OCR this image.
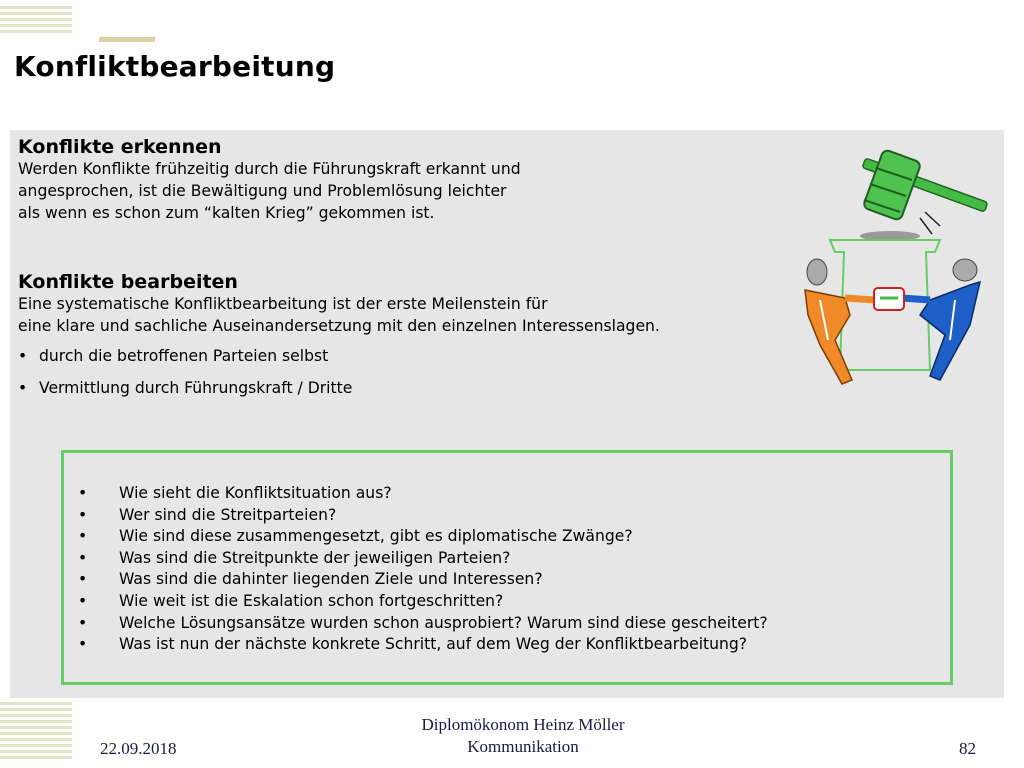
Konfliktbearbeitung
Konflikte erkennen
Werden Konflikte frühzeitig durch die Führungskraft erkannt und
angesprochen, ist die Bewältigung und Problemlösung leichter
als wenn es schon zum “kalten Krieg” gekommen ist.
Konflikte bearbeiten
Eine systematische Konfliktbearbeitung ist der erste Meilenstein für
eine klare und sachliche Auseinandersetzung mit den einzelnen Interessenslagen.
• durch die betroffenen Parteien selbst
• Vermittlung durch Führungskraft / Dritte
• Wie sieht die Konfliktsituation aus?
• Wer sind die Streitparteien?
• Wie sind diese zusammengesetzt, gibt es diplomatische Zwänge?
• Was sind die Streitpunkte der jeweiligen Parteien?
• Was sind die dahinter liegenden Ziele und Interessen?
• Wie weit ist die Eskalation schon fortgeschritten?
• Welche Lösungsansätze wurden schon ausprobiert? Warum sind diese gescheitert?
• Was ist nun der nächste konkrete Schritt, auf dem Weg der Konfliktbearbeitung?
22.09.2018
Diplomökonom Heinz Möller
Kommunikation	82
